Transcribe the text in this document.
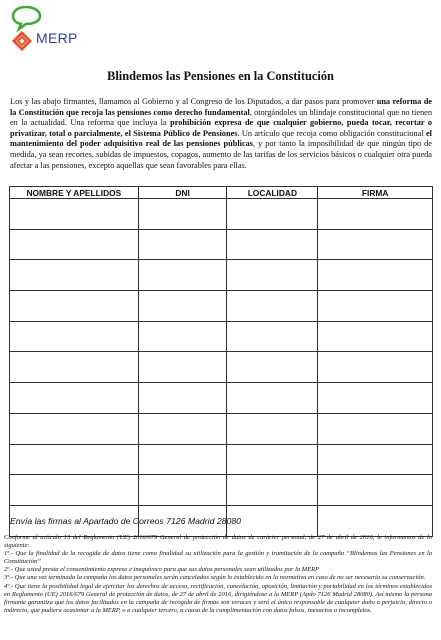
MERP
Blindemos las Pensiones en la Constitución
Los y las abajo firmantes, llamamos al Gobierno y al Congreso de los Diputados, a dar pasos para promover una reforma de la Constitución que recoja las pensiones como derecho fundamental, otorgándoles un blindaje constitucional que no tienen en la actualidad. Una reforma que incluya la prohibición expresa de que cualquier gobierno, pueda tocar, recortar o privatizar, total o parcialmente, el Sistema Público de Pensiones. Un artículo que recoja como obligación constitucional el mantenimiento del poder adquisitivo real de las pensiones públicas, y por tanto la imposibilidad de que ningún tipo de medida, ya sean recortes, subidas de impuestos, copagos, aumento de las tarifas de los servicios básicos o cualquier otra pueda afectar a las pensiones, excepto aquellas que sean favorables para ellas.
NOMBRE Y APELLIDOS	DNI	LOCALIDAD	FIRMA

Envía las firmas al Apartado de Correos 7126 Madrid 28080

Conforme al artículo 13 del Reglamento (UE) 2016/679 General de protección de datos de carácter personal, de 27 de abril de 2016, le informamos de lo siguiente:

1º.- Que la finalidad de la recogida de datos tiene como finalidad su utilización para la gestión y tramitación de la campaña “Blindemos las Pensiones en la Constitución”

2º.- Que usted presta el consentimiento expreso e inequívoco para que sus datos personales sean utilizados por la MERP

3º.- Que una vez terminada la campaña los datos personales serán cancelados según lo establecido en la normativa en caso de no ser necesaria su conservación.

4º.- Que tiene la posibilidad legal de ejercitar los derechos de acceso, rectificación, cancelación, oposición, limitación y portabilidad en los términos establecidos en Reglamento (UE) 2016/679 General de protección de datos, de 27 de abril de 2016, dirigiéndose a la MERP (Apdo 7126 Madrid 28080). Así mismo la persona firmante garantiza que los datos facilitados en la campaña de recogida de firmas son veraces y será el único responsable de cualquier daño o perjuicio, directo o indirecto, que pudiera ocasionar a la MERP, o a cualquier tercero, a causa de la cumplimentación con datos falsos, inexactos o incompletos.
